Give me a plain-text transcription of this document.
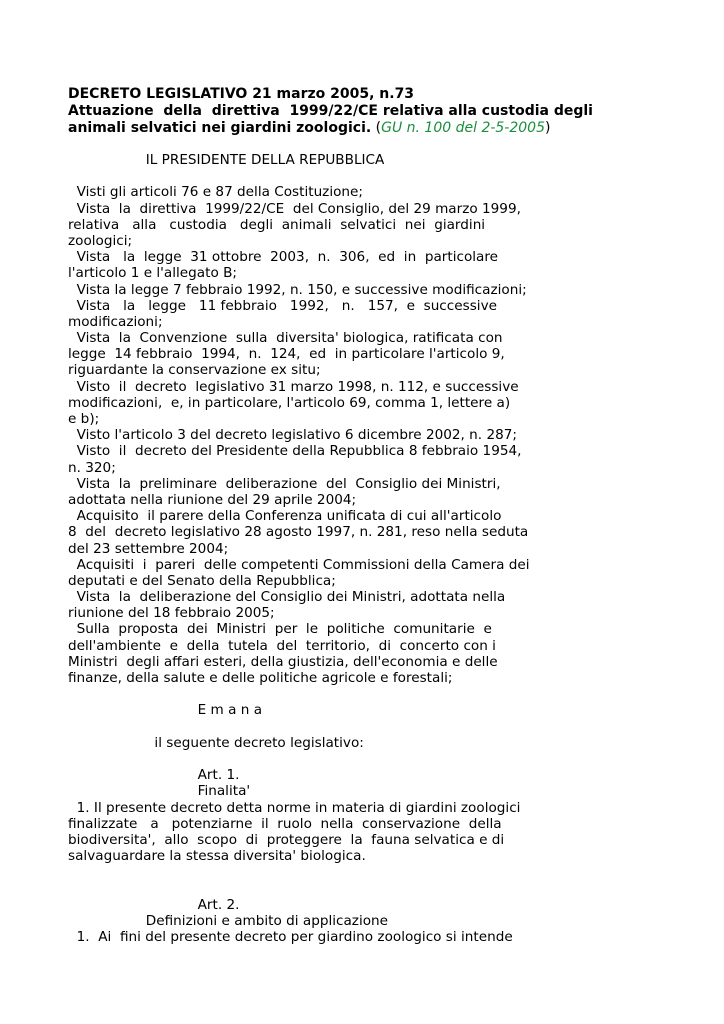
DECRETO LEGISLATIVO 21 marzo 2005, n.73
Attuazione  della  direttiva  1999/22/CE relativa alla custodia degli
animali selvatici nei giardini zoologici. (GU n. 100 del 2-5-2005)
IL PRESIDENTE DELLA REPUBBLICA
Visti gli articoli 76 e 87 della Costituzione;
Vista  la  direttiva  1999/22/CE  del Consiglio, del 29 marzo 1999,
relativa   alla   custodia   degli  animali  selvatici  nei  giardini
zoologici;
Vista   la  legge  31 ottobre  2003,  n.  306,  ed  in  particolare
l'articolo 1 e l'allegato B;
Vista la legge 7 febbraio 1992, n. 150, e successive modificazioni;
Vista   la   legge   11 febbraio   1992,   n.   157,  e  successive
modificazioni;
Vista  la  Convenzione  sulla  diversita' biologica, ratificata con
legge  14 febbraio  1994,  n.  124,  ed  in particolare l'articolo 9,
riguardante la conservazione ex situ;
Visto  il  decreto  legislativo 31 marzo 1998, n. 112, e successive
modificazioni,  e, in particolare, l'articolo 69, comma 1, lettere a)
e b);
Visto l'articolo 3 del decreto legislativo 6 dicembre 2002, n. 287;
Visto  il  decreto del Presidente della Repubblica 8 febbraio 1954,
n. 320;
Vista  la  preliminare  deliberazione  del  Consiglio dei Ministri,
adottata nella riunione del 29 aprile 2004;
Acquisito  il parere della Conferenza unificata di cui all'articolo
8  del  decreto legislativo 28 agosto 1997, n. 281, reso nella seduta
del 23 settembre 2004;
Acquisiti  i  pareri  delle competenti Commissioni della Camera dei
deputati e del Senato della Repubblica;
Vista  la  deliberazione del Consiglio dei Ministri, adottata nella
riunione del 18 febbraio 2005;
Sulla  proposta  dei  Ministri  per  le  politiche  comunitarie  e
dell'ambiente  e  della  tutela  del  territorio,  di  concerto con i
Ministri  degli affari esteri, della giustizia, dell'economia e delle
finanze, della salute e delle politiche agricole e forestali;
E m a n a
il seguente decreto legislativo:
Art. 1.
Finalita'
1. Il presente decreto detta norme in materia di giardini zoologici
finalizzate   a   potenziarne  il  ruolo  nella  conservazione  della
biodiversita',  allo  scopo  di  proteggere  la  fauna selvatica e di
salvaguardare la stessa diversita' biologica.
Art. 2.
Definizioni e ambito di applicazione
1.  Ai  fini del presente decreto per giardino zoologico si intende
